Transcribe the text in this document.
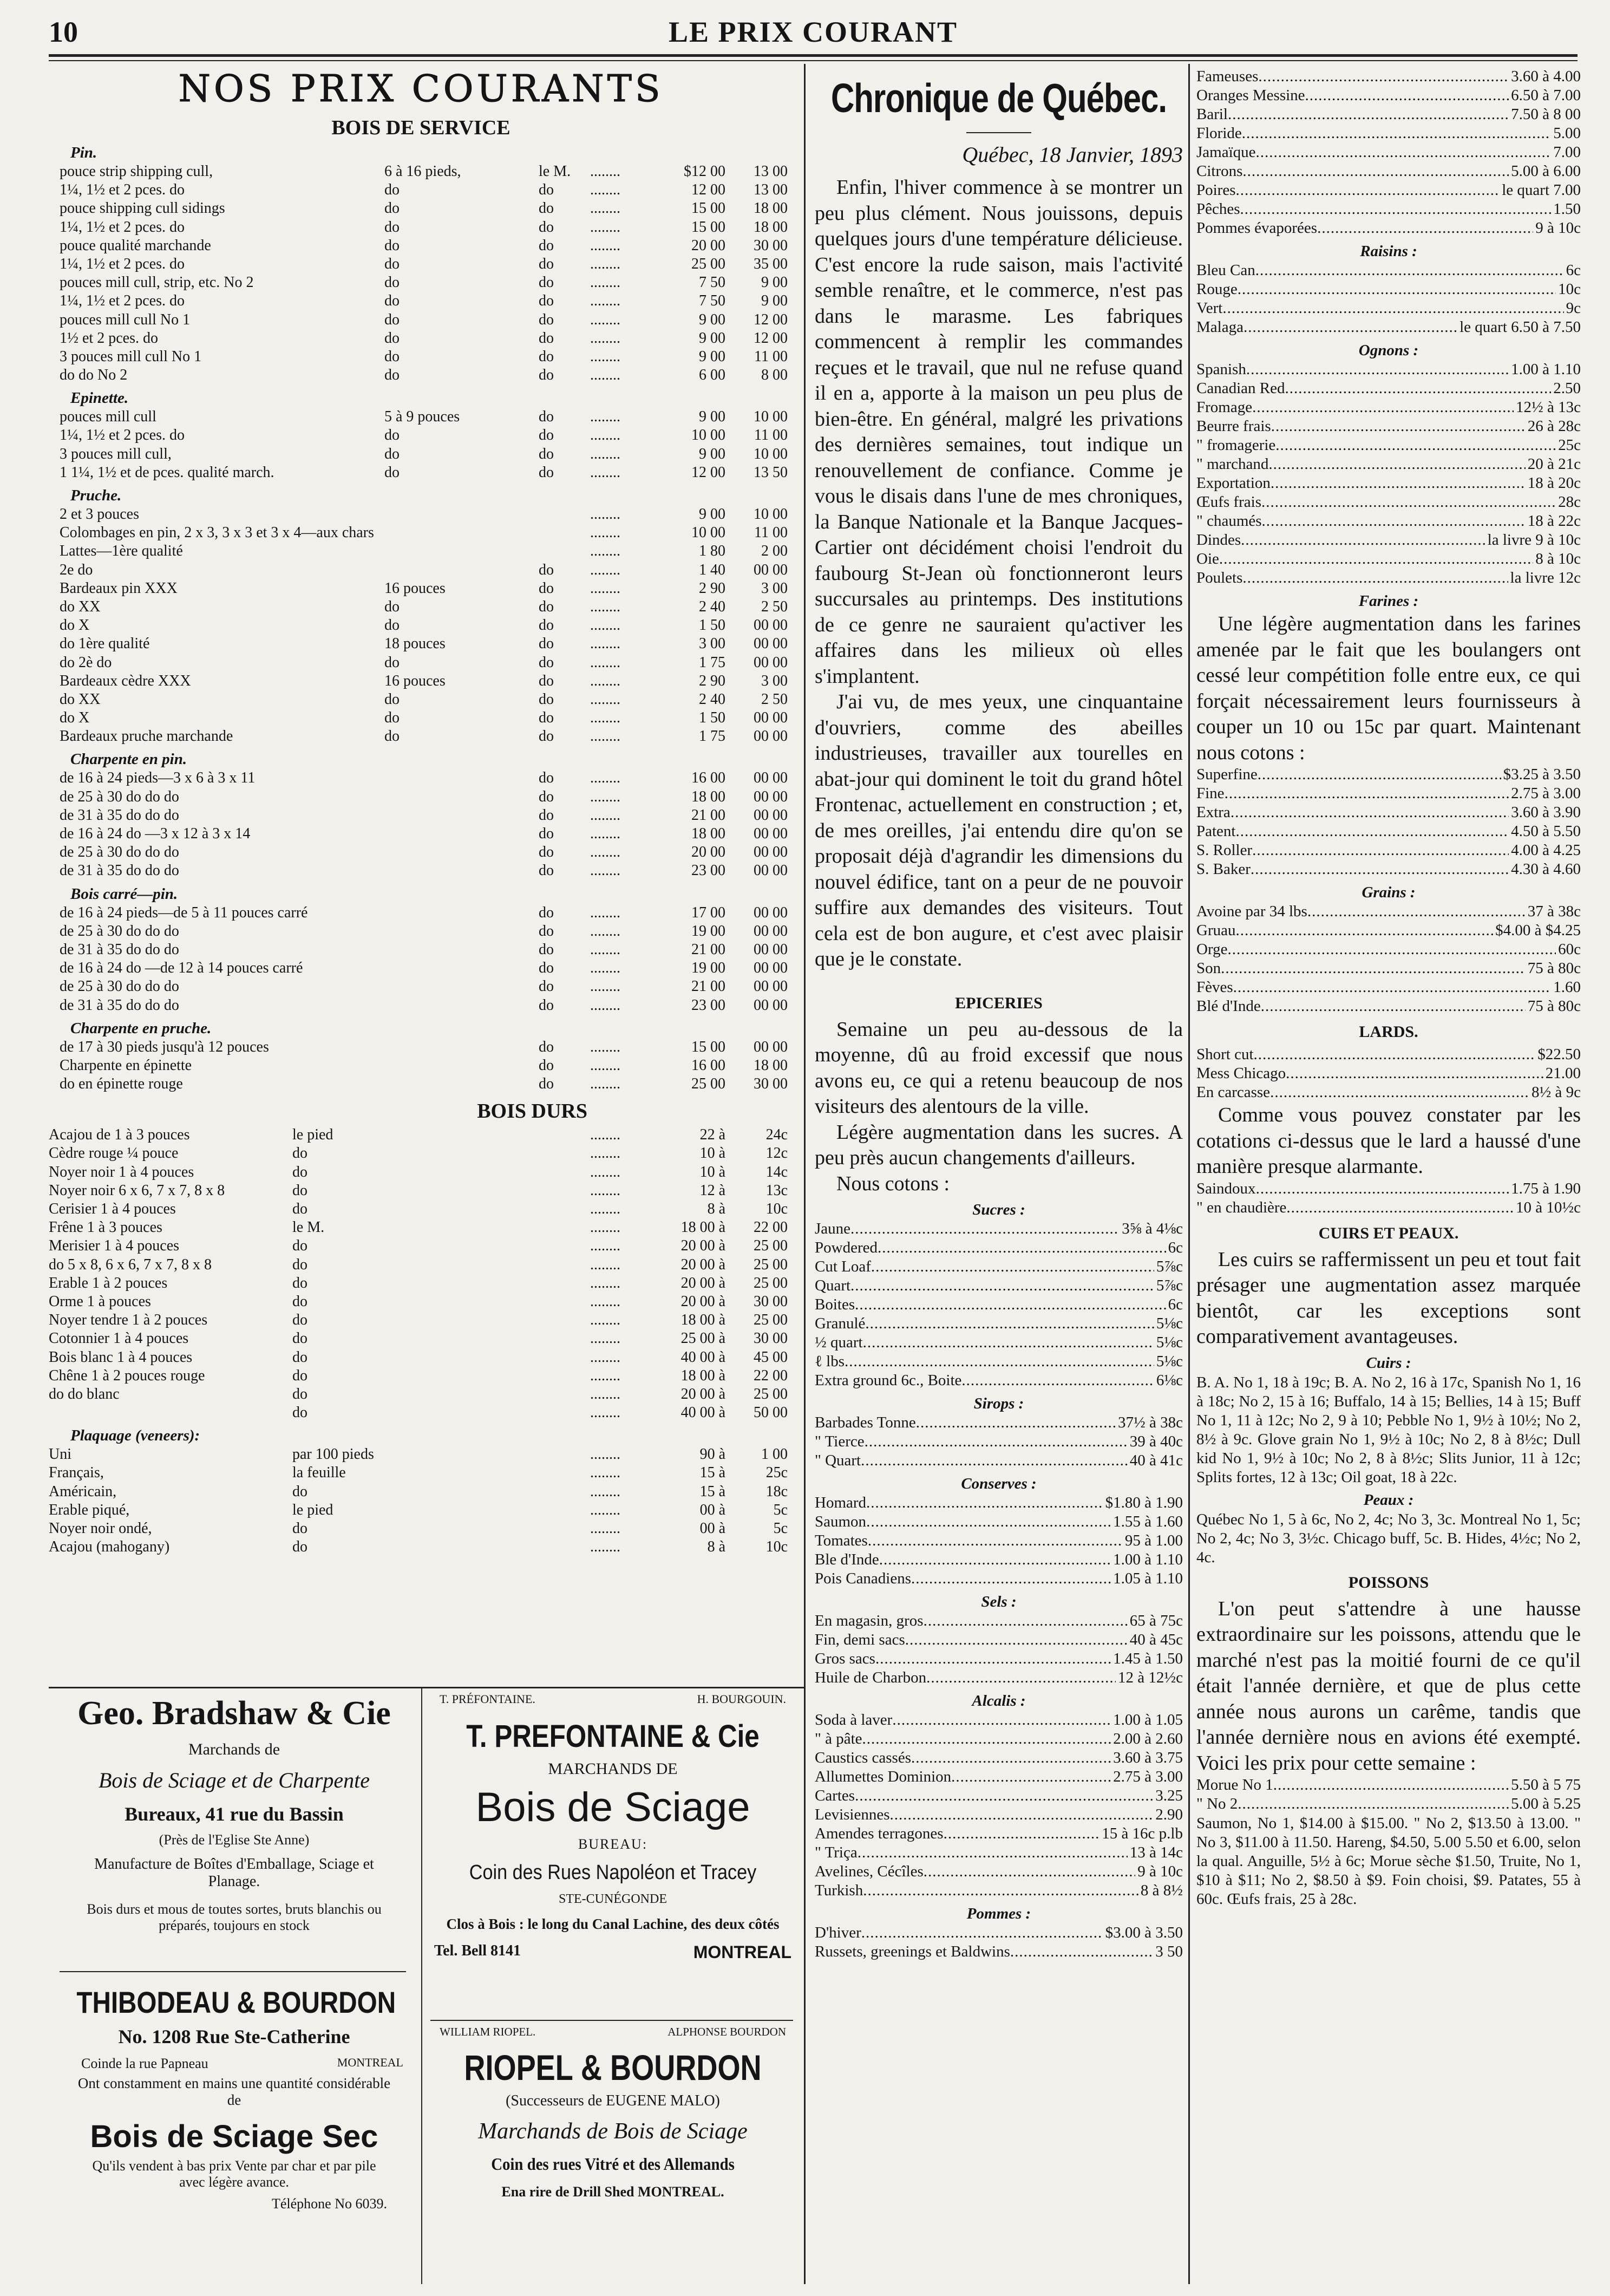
10	LE PRIX COURANT
NOS PRIX COURANTS
BOIS DE SERVICE
Pin.
pouce strip shipping cull,	6 à 16 pieds,	le M. ........	$12 00	13 00
1¼, 1½ et 2 pces. do	do	do ........	12 00	13 00
pouce shipping cull sidings	do	do ........	15 00	18 00
1¼, 1½ et 2 pces. do	do	do ........	15 00	18 00
pouce qualité marchande	do	do ........	20 00	30 00
1¼, 1½ et 2 pces. do	do	do ........	25 00	35 00
pouces mill cull, strip, etc. No 2	do	do ........	7 50	9 00
1¼, 1½ et 2 pces. do	do	do ........	7 50	9 00
pouces mill cull No 1	do	do ........	9 00	12 00
1½ et 2 pces. do	do	do ........	9 00	12 00
3 pouces mill cull No 1	do	do ........	9 00	11 00
do do No 2	do	do ........	6 00	8 00
Epinette.
pouces mill cull	5 à 9 pouces	do ........	9 00	10 00
1¼, 1½ et 2 pces. do	do	do ........	10 00	11 00
3 pouces mill cull,	do	do ........	9 00	10 00
1 1¼, 1½ et de pces. qualité march.	do	do ........	12 00	13 50
Pruche.
2 et 3 pouces	........	9 00	10 00
Colombages en pin, 2 x 3, 3 x 3 et 3 x 4—aux chars	........	10 00	11 00
Lattes—1ère qualité	........	1 80	2 00
2e do	do ........	1 40	00 00
Bardeaux pin XXX	16 pouces	do ........	2 90	3 00
do XX	do	do ........	2 40	2 50
do X	do	do ........	1 50	00 00
do 1ère qualité	18 pouces	do ........	3 00	00 00
do 2è do	do	do ........	1 75	00 00
Bardeaux cèdre XXX	16 pouces	do ........	2 90	3 00
do XX	do	do ........	2 40	2 50
do X	do	do ........	1 50	00 00
Bardeaux pruche marchande	do	do ........	1 75	00 00
Charpente en pin.
de 16 à 24 pieds—3 x 6 à 3 x 11	do ........	16 00	00 00
de 25 à 30 do do do	do ........	18 00	00 00
de 31 à 35 do do do	do ........	21 00	00 00
de 16 à 24 do —3 x 12 à 3 x 14	do ........	18 00	00 00
de 25 à 30 do do do	do ........	20 00	00 00
de 31 à 35 do do do	do ........	23 00	00 00
Bois carré—pin.
de 16 à 24 pieds—de 5 à 11 pouces carré	do ........	17 00	00 00
de 25 à 30 do do do	do ........	19 00	00 00
de 31 à 35 do do do	do ........	21 00	00 00
de 16 à 24 do —de 12 à 14 pouces carré	do ........	19 00	00 00
de 25 à 30 do do do	do ........	21 00	00 00
de 31 à 35 do do do	do ........	23 00	00 00
Charpente en pruche.
de 17 à 30 pieds jusqu'à 12 pouces	do ........	15 00	00 00
Charpente en épinette	do ........	16 00	18 00
do en épinette rouge	do ........	25 00	30 00
BOIS DURS
Acajou de 1 à 3 pouces	le pied	........	22 à	24c
Cèdre rouge ¼ pouce	do	........	10 à	12c
Noyer noir 1 à 4 pouces	do	........	10 à	14c
Noyer noir 6 x 6, 7 x 7, 8 x 8	do	........	12 à	13c
Cerisier 1 à 4 pouces	do	........	8 à	10c
Frêne 1 à 3 pouces	le M.	........	18 00 à	22 00
Merisier 1 à 4 pouces	do	........	20 00 à	25 00
do 5 x 8, 6 x 6, 7 x 7, 8 x 8	do	........	20 00 à	25 00
Erable 1 à 2 pouces	do	........	20 00 à	25 00
Orme 1 à pouces	do	........	20 00 à	30 00
Noyer tendre 1 à 2 pouces	do	........	18 00 à	25 00
Cotonnier 1 à 4 pouces	do	........	25 00 à	30 00
Bois blanc 1 à 4 pouces	do	........	40 00 à	45 00
Chêne 1 à 2 pouces rouge	do	........	18 00 à	22 00
do do blanc	do	........	20 00 à	25 00
do	........	40 00 à	50 00
Plaquage (veneers):
Uni	par 100 pieds	........	90 à	1 00
Français,	la feuille	........	15 à	25c
Américain,	do	........	15 à	18c
Erable piqué,	le pied	........	00 à	5c
Noyer noir ondé,	do	........	00 à	5c
Acajou (mahogany)	do	........	8 à	10c
Geo. Bradshaw & Cie
Marchands de
Bois de Sciage et de Charpente
Bureaux, 41 rue du Bassin
(Près de l'Eglise Ste Anne)
Manufacture de Boîtes d'Emballage, Sciage et Planage.
Bois durs et mous de toutes sortes, bruts blanchis ou préparés, toujours en stock
THIBODEAU & BOURDON
No. 1208 Rue Ste-Catherine
Coinde la rue Papneau	MONTREAL
Ont constamment en mains une quantité considérable de
Bois de Sciage Sec
Qu'ils vendent à bas prix Vente par char et par pile avec légère avance.
Téléphone No 6039.
T. PRÉFONTAINE.	H. BOURGOUIN.
T. PREFONTAINE & Cie
MARCHANDS DE
Bois de Sciage
BUREAU:
Coin des Rues Napoléon et Tracey
STE-CUNÉGONDE
Clos à Bois : le long du Canal Lachine, des deux côtés
Tel. Bell 8141	MONTREAL
WILLIAM RIOPEL.	ALPHONSE BOURDON
RIOPEL & BOURDON
(Successeurs de EUGENE MALO)
Marchands de Bois de Sciage
Coin des rues Vitré et des Allemands
Ena rire de Drill Shed MONTREAL.
Chronique de Québec.
Québec, 18 Janvier, 1893

Enfin, l'hiver commence à se montrer un peu plus clément. Nous jouissons, depuis quelques jours d'une température délicieuse. C'est encore la rude saison, mais l'activité semble renaître, et le commerce, n'est pas dans le marasme. Les fabriques commencent à remplir les commandes reçues et le travail, que nul ne refuse quand il en a, apporte à la maison un peu plus de bien-être. En général, malgré les privations des dernières semaines, tout indique un renouvellement de confiance. Comme je vous le disais dans l'une de mes chroniques, la Banque Nationale et la Banque Jacques-Cartier ont décidément choisi l'endroit du faubourg St-Jean où fonctionneront leurs succursales au printemps. Des institutions de ce genre ne sauraient qu'activer les affaires dans les milieux où elles s'implantent.

J'ai vu, de mes yeux, une cinquantaine d'ouvriers, comme des abeilles industrieuses, travailler aux tourelles en abat-jour qui dominent le toit du grand hôtel Frontenac, actuellement en construction ; et, de mes oreilles, j'ai entendu dire qu'on se proposait déjà d'agrandir les dimensions du nouvel édifice, tant on a peur de ne pouvoir suffire aux demandes des visiteurs. Tout cela est de bon augure, et c'est avec plaisir que je le constate.

EPICERIES

Semaine un peu au-dessous de la moyenne, dû au froid excessif que nous avons eu, ce qui a retenu beaucoup de nos visiteurs des alentours de la ville.

Légère augmentation dans les sucres. A peu près aucun changements d'ailleurs.

Nous cotons :

Sucres :
Jaune .....	3⅝ à 4⅛c
Powdered .....	6c
Cut Loaf .....	5⅞c
Quart .....	5⅞c
Boites .....	6c
Granulé .....	5⅛c
½ quart .....	5⅛c
ℓ lbs .....	5⅛c
Extra ground 6c., Boite .....	6⅛c
Sirops :
Barbades Tonne .....	37½ à 38c
" Tierce .....	39 à 40c
" Quart .....	40 à 41c
Conserves :
Homard .....	$1.80 à 1.90
Saumon .....	1.55 à 1.60
Tomates .....	95 à 1.00
Ble d'Inde .....	1.00 à 1.10
Pois Canadiens .....	1.05 à 1.10
Sels :
En magasin, gros .....	65 à 75c
Fin, demi sacs .....	40 à 45c
Gros sacs .....	1.45 à 1.50
Huile de Charbon .....	12 à 12½c
Alcalis :
Soda à laver .....	1.00 à 1.05
" à pâte .....	2.00 à 2.60
Caustics cassés .....	3.60 à 3.75
Allumettes Dominion .....	2.75 à 3.00
Cartes .....	3.25
Levisiennes .....	2.90
Amendes terragones .....	15 à 16c p.lb
" Triça .....	13 à 14c
Avelines, Cécîles .....	9 à 10c
Turkish .....	8 à 8½
Pommes :
D'hiver .....	$3.00 à 3.50
Russets, greenings et Baldwins .....	3 50
Fameuses .....	3.60 à 4.00
Oranges Messine .....	6.50 à 7.00
Baril .....	7.50 à 8 00
Floride .....	5.00
Jamaïque .....	7.00
Citrons .....	5.00 à 6.00
Poires .....	le quart 7.00
Pêches .....	1.50
Pommes évaporées .....	9 à 10c
Raisins :
Bleu Can .....	6c
Rouge .....	10c
Vert .....	9c
Malaga .....	le quart 6.50 à 7.50
Ognons :
Spanish .....	1.00 à 1.10
Canadian Red .....	2.50
Fromage .....	12½ à 13c
Beurre frais .....	26 à 28c
" fromagerie .....	25c
" marchand .....	20 à 21c
Exportation .....	18 à 20c
Œufs frais .....	28c
" chaumés .....	18 à 22c
Dindes .....	la livre 9 à 10c
Oie .....	8 à 10c
Poulets .....	la livre 12c
Farines :

Une légère augmentation dans les farines amenée par le fait que les boulangers ont cessé leur compétition folle entre eux, ce qui forçait nécessairement leurs fournisseurs à couper un 10 ou 15c par quart. Maintenant nous cotons :

Superfine .....	$3.25 à 3.50
Fine .....	2.75 à 3.00
Extra .....	3.60 à 3.90
Patent .....	4.50 à 5.50
S. Roller .....	4.00 à 4.25
S. Baker .....	4.30 à 4.60
Grains :
Avoine par 34 lbs .....	37 à 38c
Gruau .....	$4.00 à $4.25
Orge .....	60c
Son .....	75 à 80c
Fèves .....	1.60
Blé d'Inde .....	75 à 80c
LARDS.
Short cut .....	$22.50
Mess Chicago .....	21.00
En carcasse .....	8½ à 9c

Comme vous pouvez constater par les cotations ci-dessus que le lard a haussé d'une manière presque alarmante.

Saindoux .....	1.75 à 1.90
" en chaudière .....	10 à 10½c
CUIRS ET PEAUX.

Les cuirs se raffermissent un peu et tout fait présager une augmentation assez marquée bientôt, car les exceptions sont comparativement avantageuses.

Cuirs :

B. A. No 1, 18 à 19c; B. A. No 2, 16 à 17c, Spanish No 1, 16 à 18c; No 2, 15 à 16; Buffalo, 14 à 15; Bellies, 14 à 15; Buff No 1, 11 à 12c; No 2, 9 à 10; Pebble No 1, 9½ à 10½; No 2, 8½ à 9c. Glove grain No 1, 9½ à 10c; No 2, 8 à 8½c; Dull kid No 1, 9½ à 10c; No 2, 8 à 8½c; Slits Junior, 11 à 12c; Splits fortes, 12 à 13c; Oil goat, 18 à 22c.

Peaux :

Québec No 1, 5 à 6c, No 2, 4c; No 3, 3c. Montreal No 1, 5c; No 2, 4c; No 3, 3½c. Chicago buff, 5c. B. Hides, 4½c; No 2, 4c.

POISSONS

L'on peut s'attendre à une hausse extraordinaire sur les poissons, attendu que le marché n'est pas la moitié fourni de ce qu'il était l'année dernière, et que de plus cette année nous aurons un carême, tandis que l'année dernière nous en avions été exempté. Voici les prix pour cette semaine :

Morue No 1 .....	5.50 à 5 75
" No 2 .....	5.00 à 5.25

Saumon, No 1, $14.00 à $15.00. " No 2, $13.50 à 13.00. " No 3, $11.00 à 11.50. Hareng, $4.50, 5.00 5.50 et 6.00, selon la qual. Anguille, 5½ à 6c; Morue sèche $1.50, Truite, No 1, $10 à $11; No 2, $8.50 à $9. Foin choisi, $9. Patates, 55 à 60c. Œufs frais, 25 à 28c.
